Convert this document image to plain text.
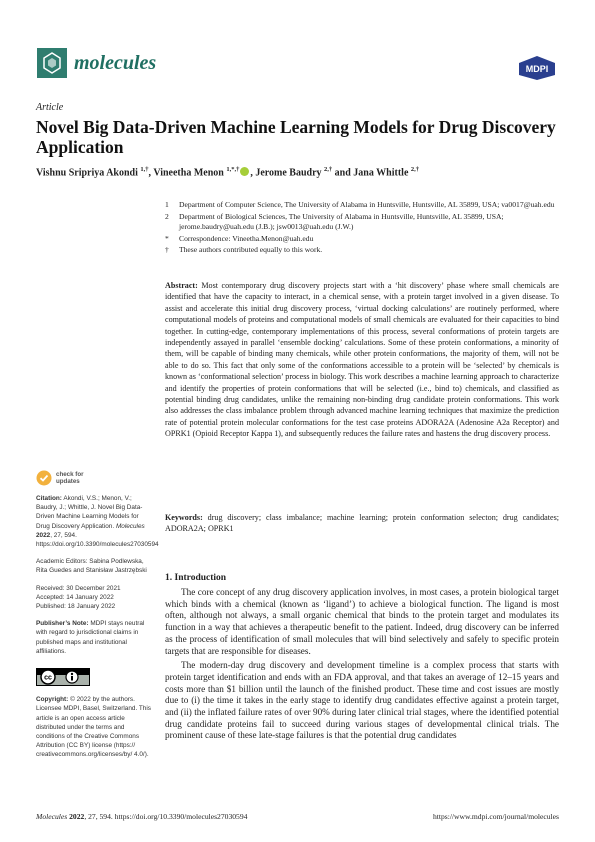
molecules	MDPI
Article
Novel Big Data-Driven Machine Learning Models for Drug Discovery Application
Vishnu Sripriya Akondi $^{1,\dagger}$, Vineetha Menon $^{1,*,\dagger}$ , Jerome Baudry $^{2,\dagger}$ and Jana Whittle $^{2,\dagger}$
1	Department of Computer Science, The University of Alabama in Huntsville, Huntsville, AL 35899, USA; va0017@uah.edu
2	Department of Biological Sciences, The University of Alabama in Huntsville, Huntsville, AL 35899, USA; jerome.baudry@uah.edu (J.B.); jsw0013@uah.edu (J.W.)
*	Correspondence: Vineetha.Menon@uah.edu
†	These authors contributed equally to this work.
Abstract: Most contemporary drug discovery projects start with a ‘hit discovery’ phase where small chemicals are identified that have the capacity to interact, in a chemical sense, with a protein target involved in a given disease. To assist and accelerate this initial drug discovery process, ‘virtual docking calculations’ are routinely performed, where computational models of proteins and computational models of small chemicals are evaluated for their capacities to bind together. In cutting-edge, contemporary implementations of this process, several conformations of protein targets are independently assayed in parallel ‘ensemble docking’ calculations. Some of these protein conformations, a minority of them, will be capable of binding many chemicals, while other protein conformations, the majority of them, will not be able to do so. This fact that only some of the conformations accessible to a protein will be ‘selected’ by chemicals is known as ‘conformational selection’ process in biology. This work describes a machine learning approach to characterize and identify the properties of protein conformations that will be selected (i.e., bind to) chemicals, and classified as potential binding drug candidates, unlike the remaining non-binding drug candidate protein conformations. This work also addresses the class imbalance problem through advanced machine learning techniques that maximize the prediction rate of potential protein molecular conformations for the test case proteins ADORA2A (Adenosine A2a Receptor) and OPRK1 (Opioid Receptor Kappa 1), and subsequently reduces the failure rates and hastens the drug discovery process.
Keywords: drug discovery; class imbalance; machine learning; protein conformation selecton; drug candidates; ADORA2A; OPRK1
check for
updates
Citation: Akondi, V.S.; Menon, V.; Baudry, J.; Whittle, J. Novel Big Data-Driven Machine Learning Models for Drug Discovery Application. Molecules 2022, 27, 594. https://doi.org/10.3390/molecules27030594
Academic Editors: Sabina Podlewska, Rita Guedes and Stanisław Jastrzębski
Received: 30 December 2021
Accepted: 14 January 2022
Published: 18 January 2022
Publisher’s Note: MDPI stays neutral with regard to jurisdictional claims in published maps and institutional affiliations.
cc
Copyright: © 2022 by the authors. Licensee MDPI, Basel, Switzerland. This article is an open access article distributed under the terms and conditions of the Creative Commons Attribution (CC BY) license (https:// creativecommons.org/licenses/by/ 4.0/).
1. Introduction

The core concept of any drug discovery application involves, in most cases, a protein biological target which binds with a chemical (known as ‘ligand’) to achieve a biological function. The ligand is most often, although not always, a small organic chemical that binds to the protein target and modulates its function in a way that achieves a therapeutic benefit to the patient. Indeed, drug discovery can be inferred as the process of identification of small molecules that will bind selectively and safely to specific protein targets that are responsible for diseases.

The modern-day drug discovery and development timeline is a complex process that starts with protein target identification and ends with an FDA approval, and that takes an average of 12–15 years and costs more than $1 billion until the launch of the finished product. These time and cost issues are mostly due to (i) the time it takes in the early stage to identify drug candidates effective against a protein target, and (ii) the inflated failure rates of over 90% during later clinical trial stages, where the identified potential drug candidate proteins fail to succeed during various stages of developmental clinical trials. The prominent cause of these late-stage failures is that the potential drug candidates

Molecules 2022, 27, 594. https://doi.org/10.3390/molecules27030594	https://www.mdpi.com/journal/molecules
